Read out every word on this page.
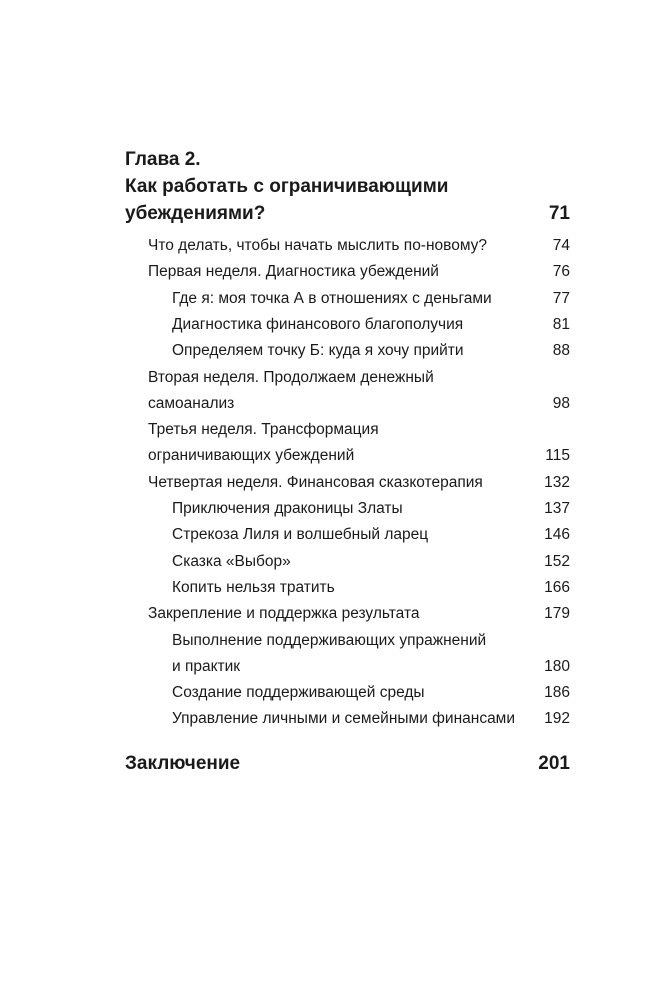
Глава 2.
Как работать с ограничивающими
убеждениями?	71
Что делать, чтобы начать мыслить по-новому?	74
Первая неделя. Диагностика убеждений	76
Где я: моя точка А в отношениях с деньгами	77
Диагностика финансового благополучия	81
Определяем точку Б: куда я хочу прийти	88
Вторая неделя. Продолжаем денежный
самоанализ	98
Третья неделя. Трансформация
ограничивающих убеждений	115
Четвертая неделя. Финансовая сказкотерапия	132
Приключения драконицы Златы	137
Стрекоза Лиля и волшебный ларец	146
Сказка «Выбор»	152
Копить нельзя тратить	166
Закрепление и поддержка результата	179
Выполнение поддерживающих упражнений
и практик	180
Создание поддерживающей среды	186
Управление личными и семейными финансами 192
Заключение	201
